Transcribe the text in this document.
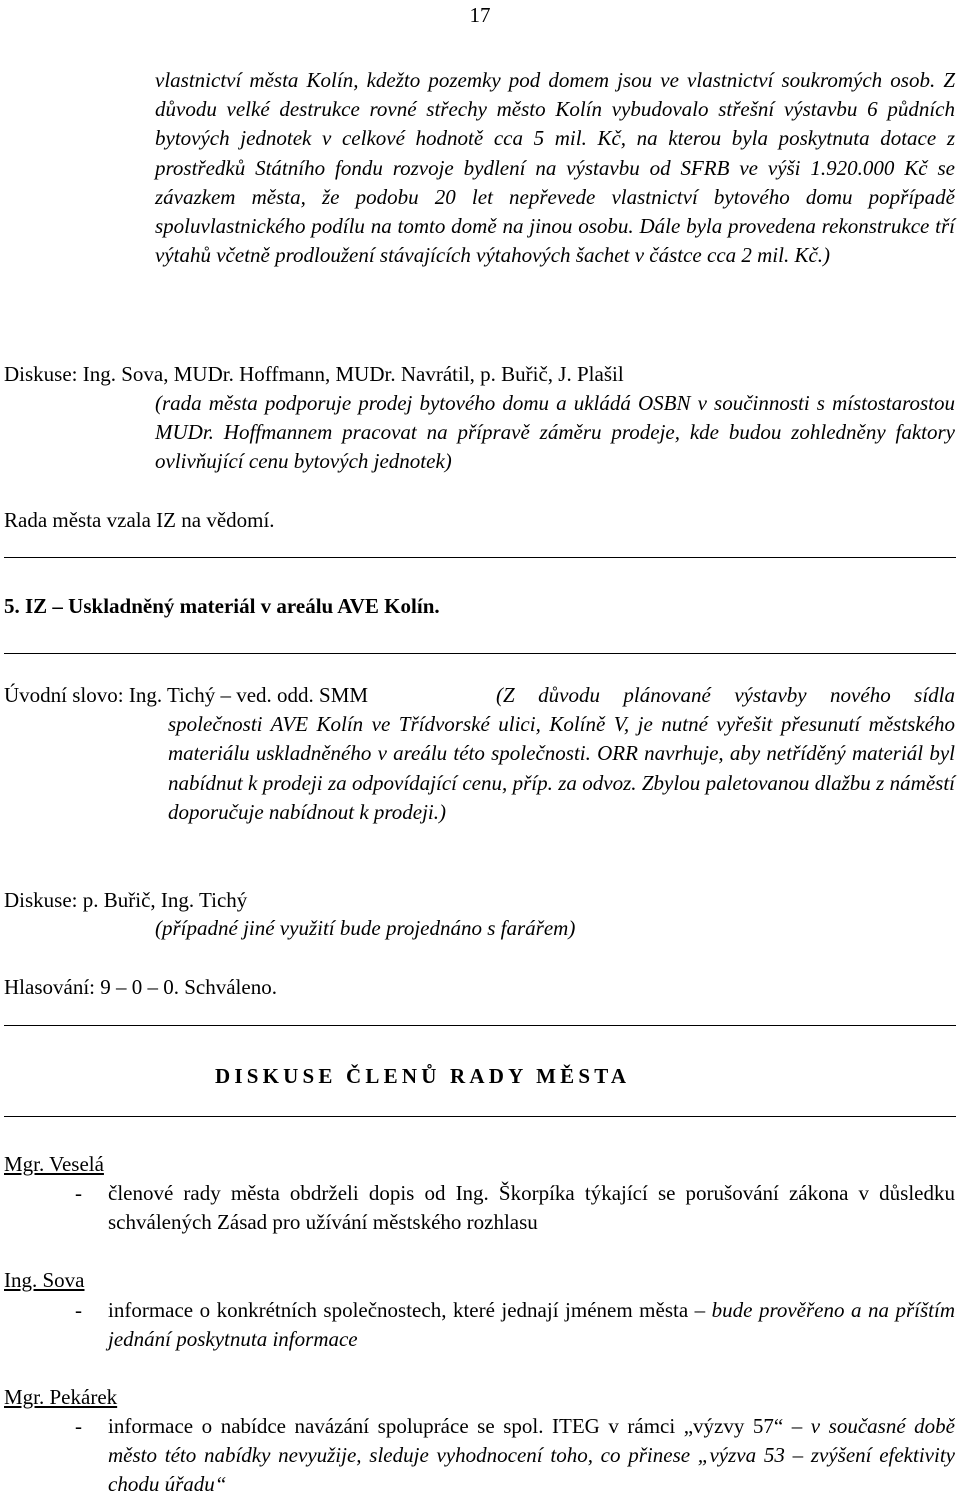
17

vlastnictví města Kolín, kdežto pozemky pod domem jsou ve vlastnictví soukromých osob. Z důvodu velké destrukce rovné střechy město Kolín vybudovalo střešní výstavbu 6 půdních bytových jednotek v celkové hodnotě cca 5 mil. Kč, na kterou byla poskytnuta dotace z prostředků Státního fondu rozvoje bydlení na výstavbu od SFRB ve výši 1.920.000 Kč se závazkem města, že podobu 20 let nepřevede vlastnictví bytového domu popřípadě spoluvlastnického podílu na tomto domě na jinou osobu. Dále byla provedena rekonstrukce tří výtahů včetně prodloužení stávajících výtahových šachet v částce cca 2 mil. Kč.)

Diskuse: Ing. Sova, MUDr. Hoffmann, MUDr. Navrátil, p. Buřič, J. Plašil

(rada města podporuje prodej bytového domu a ukládá OSBN v součinnosti s místostarostou MUDr. Hoffmannem pracovat na přípravě záměru prodeje, kde budou zohledněny faktory ovlivňující cenu bytových jednotek)

Rada města vzala IZ na vědomí.
5. IZ – Uskladněný materiál v areálu AVE Kolín.
Úvodní slovo: Ing. Tichý – ved. odd. SMM	(Z důvodu plánované výstavby nového sídla společnosti AVE Kolín ve Třídvorské ulici, Kolíně V, je nutné vyřešit přesunutí městského materiálu uskladněného v areálu této společnosti. ORR navrhuje, aby netříděný materiál byl nabídnut k prodeji za odpovídající cenu, příp. za odvoz. Zbylou paletovanou dlažbu z náměstí doporučuje nabídnout k prodeji.)

Diskuse: p. Buřič, Ing. Tichý
(případné jiné využití bude projednáno s farářem)
Hlasování: 9 – 0 – 0. Schváleno.
DISKUSE ČLENŮ RADY MĚSTA
Mgr. Veselá
- členové rady města obdrželi dopis od Ing. Škorpíka týkající se porušování zákona v důsledku schválených Zásad pro užívání městského rozhlasu

Ing. Sova
- informace o konkrétních společnostech, které jednají jménem města – bude prověřeno a na příštím jednání poskytnuta informace

Mgr. Pekárek
- informace o nabídce navázání spolupráce se spol. ITEG v rámci „výzvy 57“ – v současné době město této nabídky nevyužije, sleduje vyhodnocení toho, co přinese „výzva 53 – zvýšení efektivity chodu úřadu“
